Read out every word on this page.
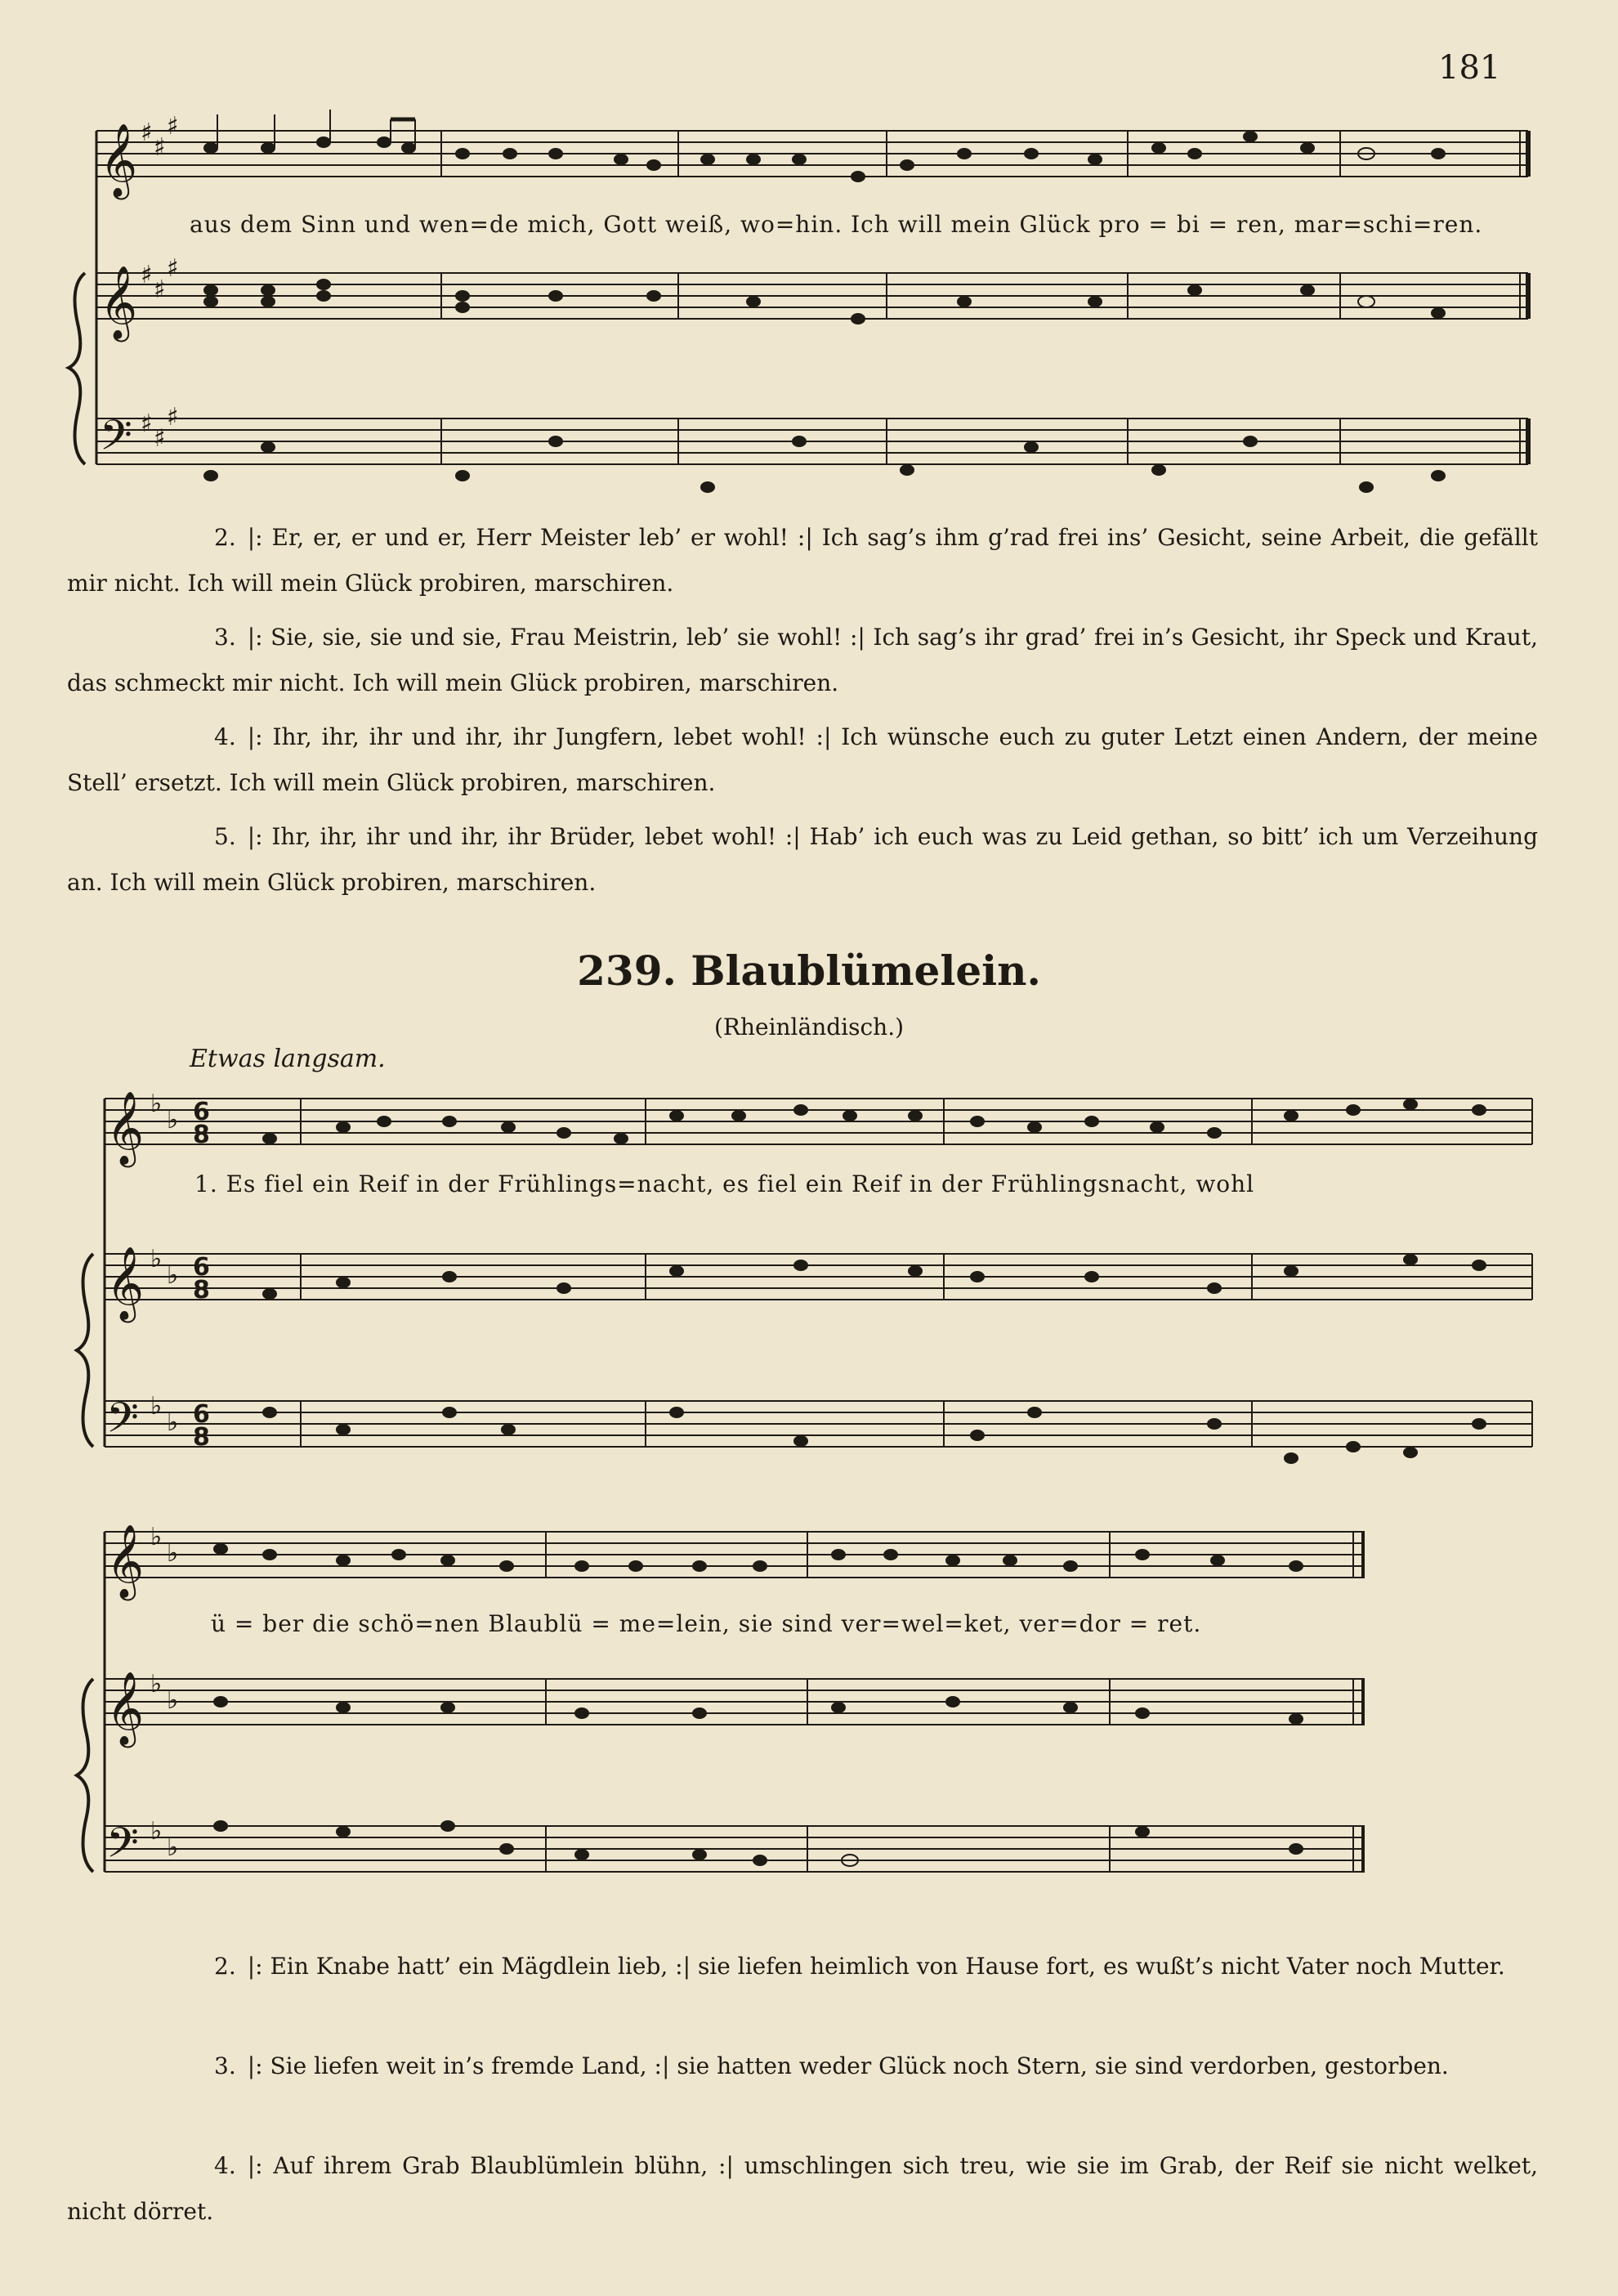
181
𝄞
𝄞
𝄢
♯
♯
♯
♯
♯
♯
♯
♯
♯
aus dem Sinn und wen=de mich, Gott weiß, wo=hin. Ich will mein Glück pro = bi = ren, mar=schi=ren.
2. |: Er, er, er und er, Herr Meister leb’ er wohl! :| Ich sag’s ihm g’rad frei ins’ Gesicht, seine Arbeit, die gefällt mir nicht. Ich will mein Glück probiren, marschiren.
3. |: Sie, sie, sie und sie, Frau Meistrin, leb’ sie wohl! :| Ich sag’s ihr grad’ frei in’s Gesicht, ihr Speck und Kraut, das schmeckt mir nicht. Ich will mein Glück probiren, marschiren.
4. |: Ihr, ihr, ihr und ihr, ihr Jungfern, lebet wohl! :| Ich wünsche euch zu guter Letzt einen Andern, der meine Stell’ ersetzt. Ich will mein Glück probiren, marschiren.
5. |: Ihr, ihr, ihr und ihr, ihr Brüder, lebet wohl! :| Hab’ ich euch was zu Leid gethan, so bitt’ ich um Verzeihung an. Ich will mein Glück probiren, marschiren.
239. Blaublümelein.
(Rheinländisch.)
Etwas langsam.
𝄞
𝄞
𝄢
♭
♭
♭
♭
♭
♭
6
8
6
8
6
8
1. Es fiel ein Reif in der Frühlings=nacht, es fiel ein Reif in der Frühlingsnacht, wohl
𝄞
𝄞
𝄢
♭
♭
♭
♭
♭
♭
ü = ber die schö=nen Blaublü = me=lein, sie sind ver=wel=ket, ver=dor = ret.
2. |: Ein Knabe hatt’ ein Mägdlein lieb, :| sie liefen heimlich von Hause fort, es wußt’s nicht Vater noch Mutter.
3. |: Sie liefen weit in’s fremde Land, :| sie hatten weder Glück noch Stern, sie sind verdorben, gestorben.
4. |: Auf ihrem Grab Blaublümlein blühn, :| umschlingen sich treu, wie sie im Grab, der Reif sie nicht welket, nicht dörret.
